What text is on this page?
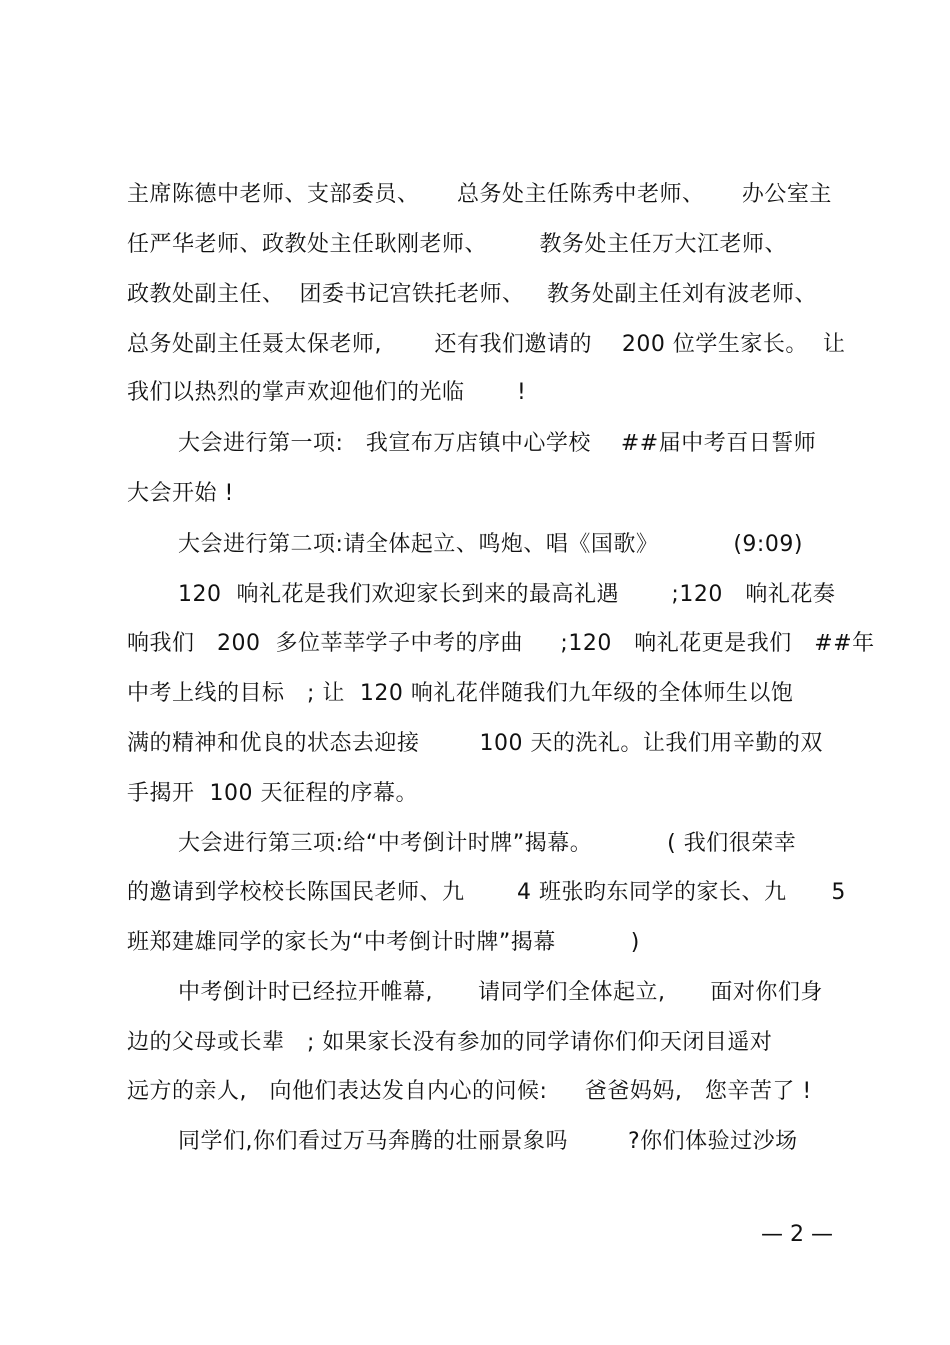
主席陈德中老师、支部委员、     总务处主任陈秀中老师、     办公室主
任严华老师、政教处主任耿刚老师、       教务处主任万大江老师、
政教处副主任、  团委书记宫铁托老师、   教务处副主任刘有波老师、
总务处副主任聂太保老师,       还有我们邀请的    200 位学生家长。  让
我们以热烈的掌声欢迎他们的光临       !
大会进行第一项:   我宣布万店镇中心学校    ##届中考百日誓师
大会开始 !
大会进行第二项:请全体起立、鸣炮、唱《国歌》          (9:09)
120  响礼花是我们欢迎家长到来的最高礼遇       ;120   响礼花奏
响我们   200  多位莘莘学子中考的序曲     ;120   响礼花更是我们   ##年
中考上线的目标   ; 让  120 响礼花伴随我们九年级的全体师生以饱
满的精神和优良的状态去迎接        100 天的洗礼。让我们用辛勤的双
手揭开  100 天征程的序幕。
大会进行第三项:给“中考倒计时牌”揭幕。          ( 我们很荣幸
的邀请到学校校长陈国民老师、九       4 班张昀东同学的家长、九      5
班郑建雄同学的家长为“中考倒计时牌”揭幕          )
中考倒计时已经拉开帷幕,      请同学们全体起立,      面对你们身
边的父母或长辈   ; 如果家长没有参加的同学请你们仰天闭目遥对
远方的亲人,   向他们表达发自内心的问候:     爸爸妈妈,   您辛苦了 !
同学们,你们看过万马奔腾的壮丽景象吗        ?你们体验过沙场
— 2 —
